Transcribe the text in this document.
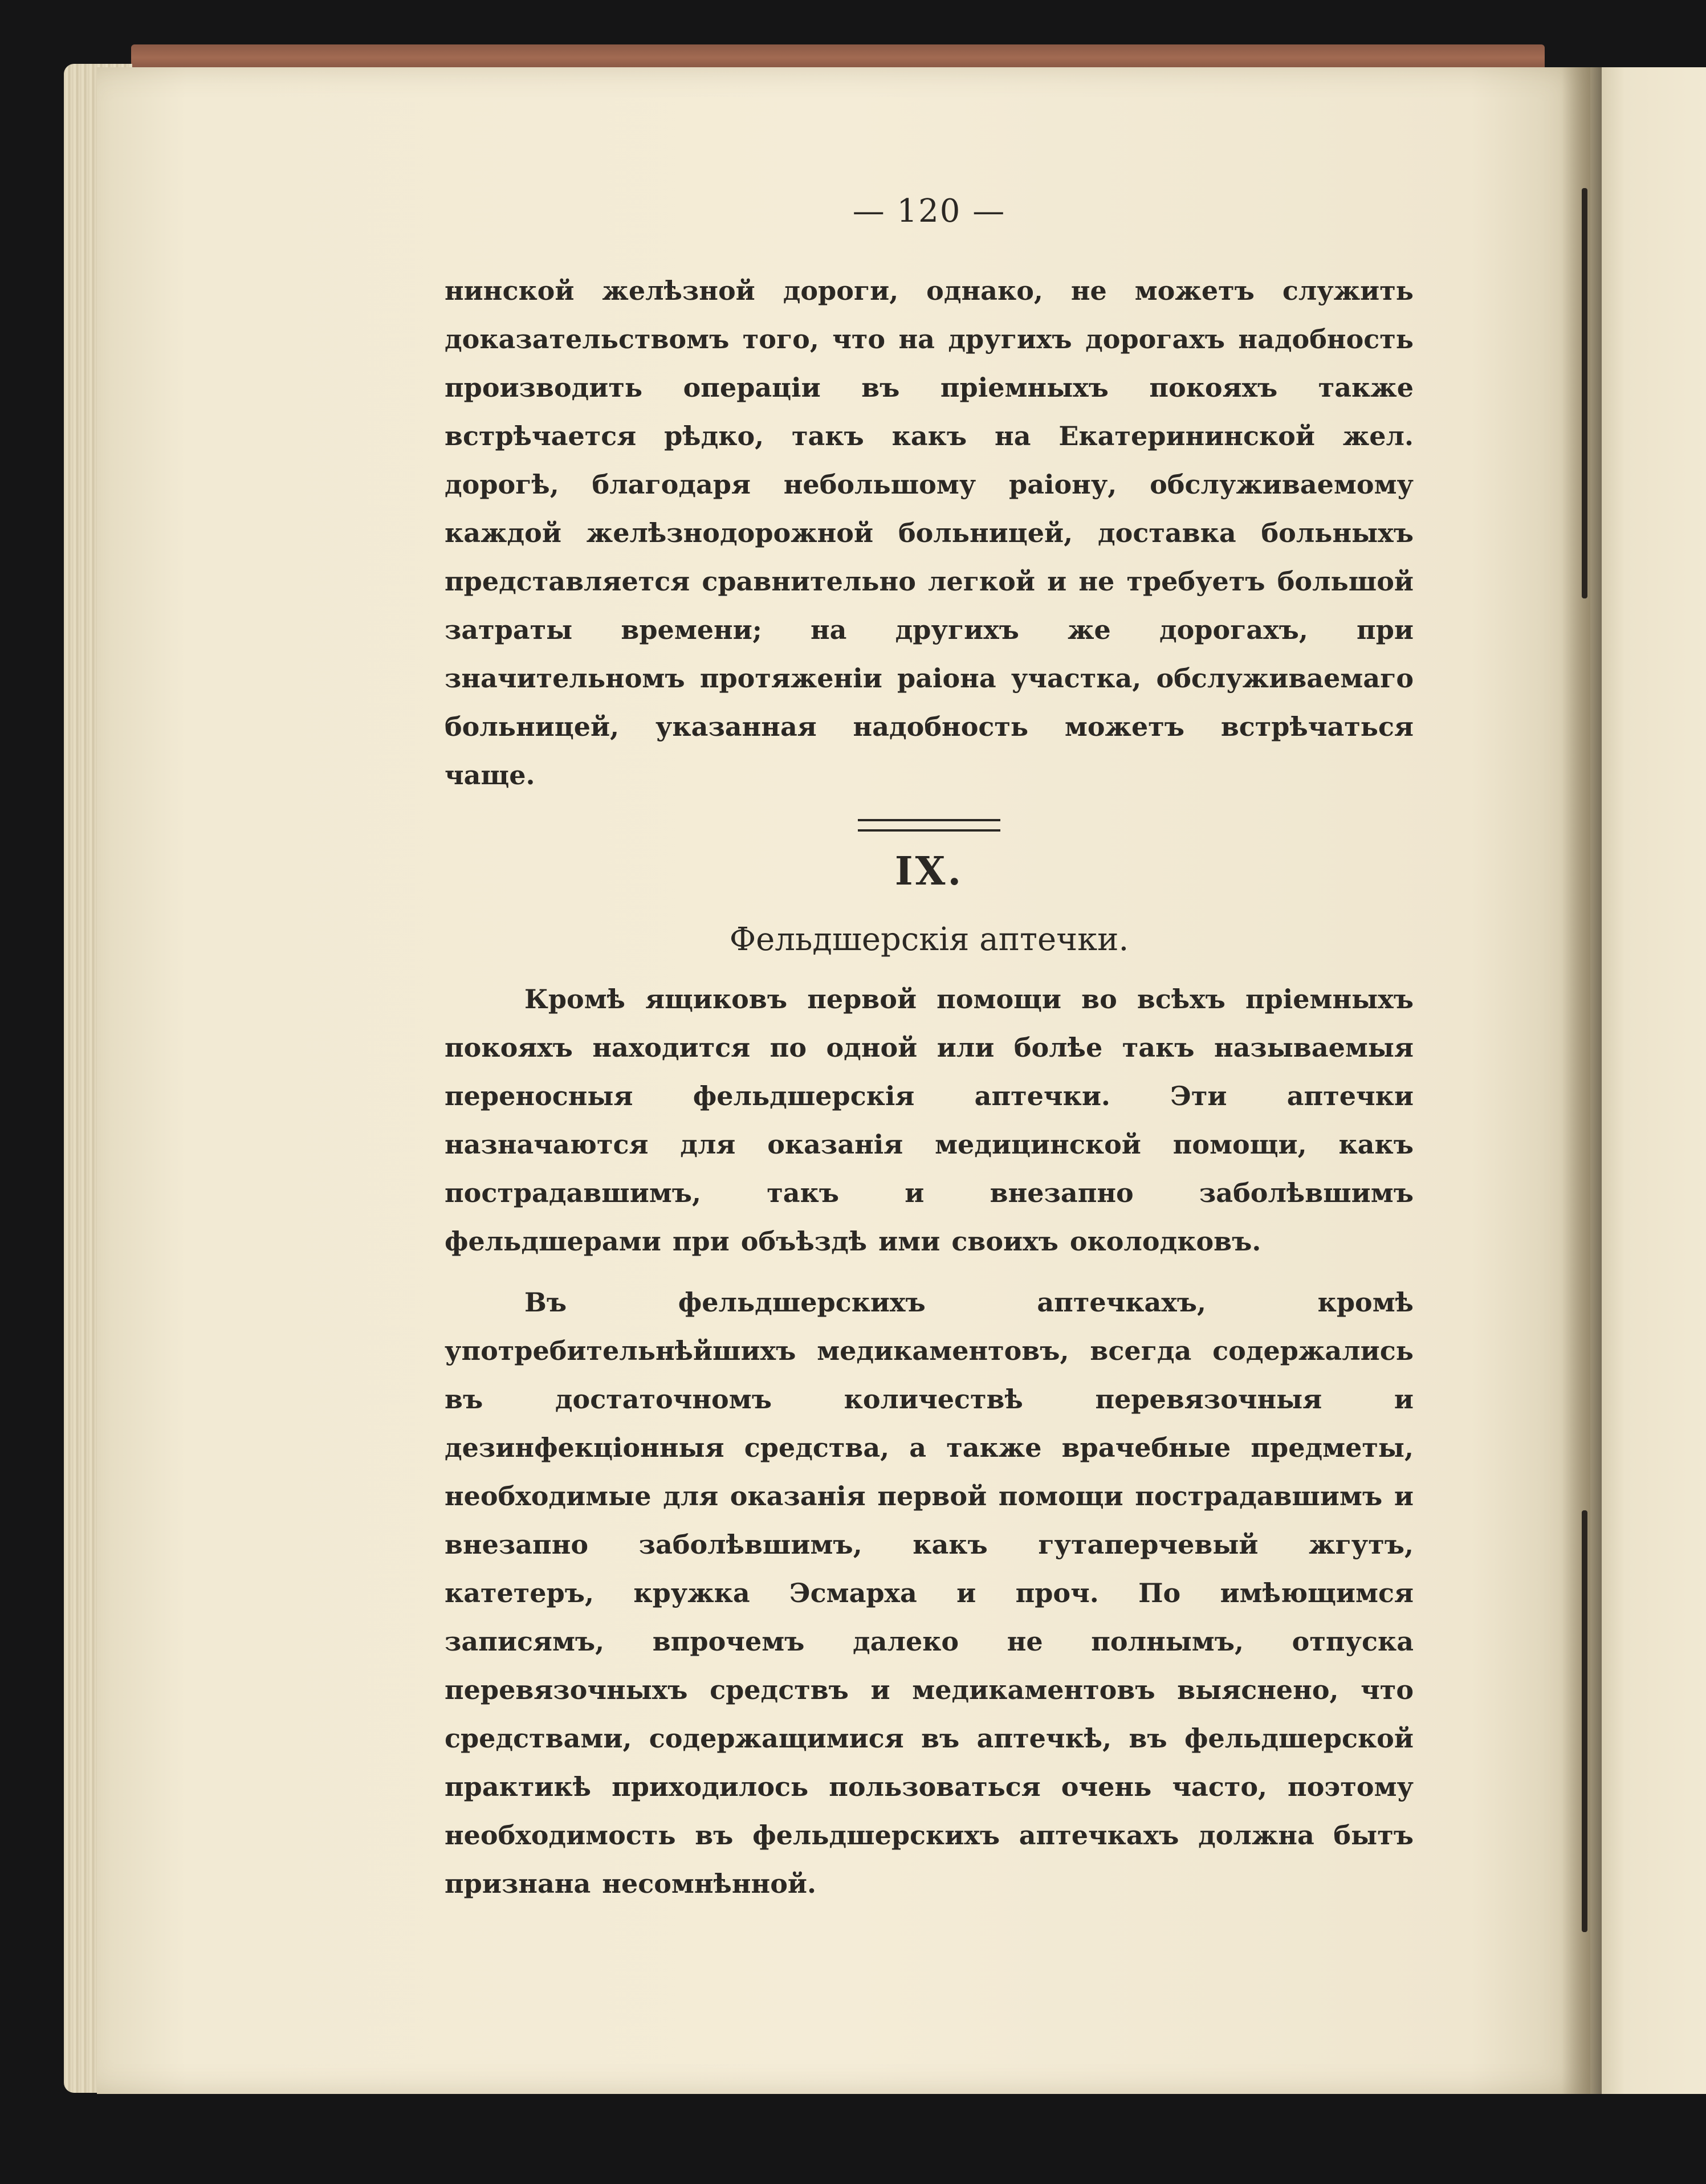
— 120 —

нинской желѣзной дороги, однако, не можетъ служить доказательствомъ того, что на другихъ дорогахъ надобность производить операціи въ пріемныхъ покояхъ также встрѣчается рѣдко, такъ какъ на Екатерининской жел. дорогѣ, благодаря небольшому раіону, обслуживаемому каждой желѣзнодорожной больницей, доставка больныхъ представляется сравнительно легкой и не требуетъ большой затраты времени; на другихъ же дорогахъ, при значительномъ протяженіи раіона участка, обслуживаемаго больницей, указанная надобность можетъ встрѣчаться чаще.

IX.
Фельдшерскія аптечки.

Кромѣ ящиковъ первой помощи во всѣхъ пріемныхъ покояхъ находится по одной или болѣе такъ называемыя переносныя фельдшерскія аптечки. Эти аптечки назначаются для оказанія медицинской помощи, какъ пострадавшимъ, такъ и внезапно заболѣвшимъ фельдшерами при объѣздѣ ими своихъ околодковъ.

Въ фельдшерскихъ аптечкахъ, кромѣ употребительнѣйшихъ медикаментовъ, всегда содержались въ достаточномъ количествѣ перевязочныя и дезинфекціонныя средства, а также врачебные предметы, необходимые для оказанія первой помощи пострадавшимъ и внезапно заболѣвшимъ, какъ гутаперчевый жгутъ, катетеръ, кружка Эсмарха и проч. По имѣющимся записямъ, впрочемъ далеко не полнымъ, отпуска перевязочныхъ средствъ и медикаментовъ выяснено, что средствами, содержащимися въ аптечкѣ, въ фельдшерской практикѣ приходилось пользоваться очень часто, поэтому необходимость въ фельдшерскихъ аптечкахъ должна бытъ признана несомнѣнной.
